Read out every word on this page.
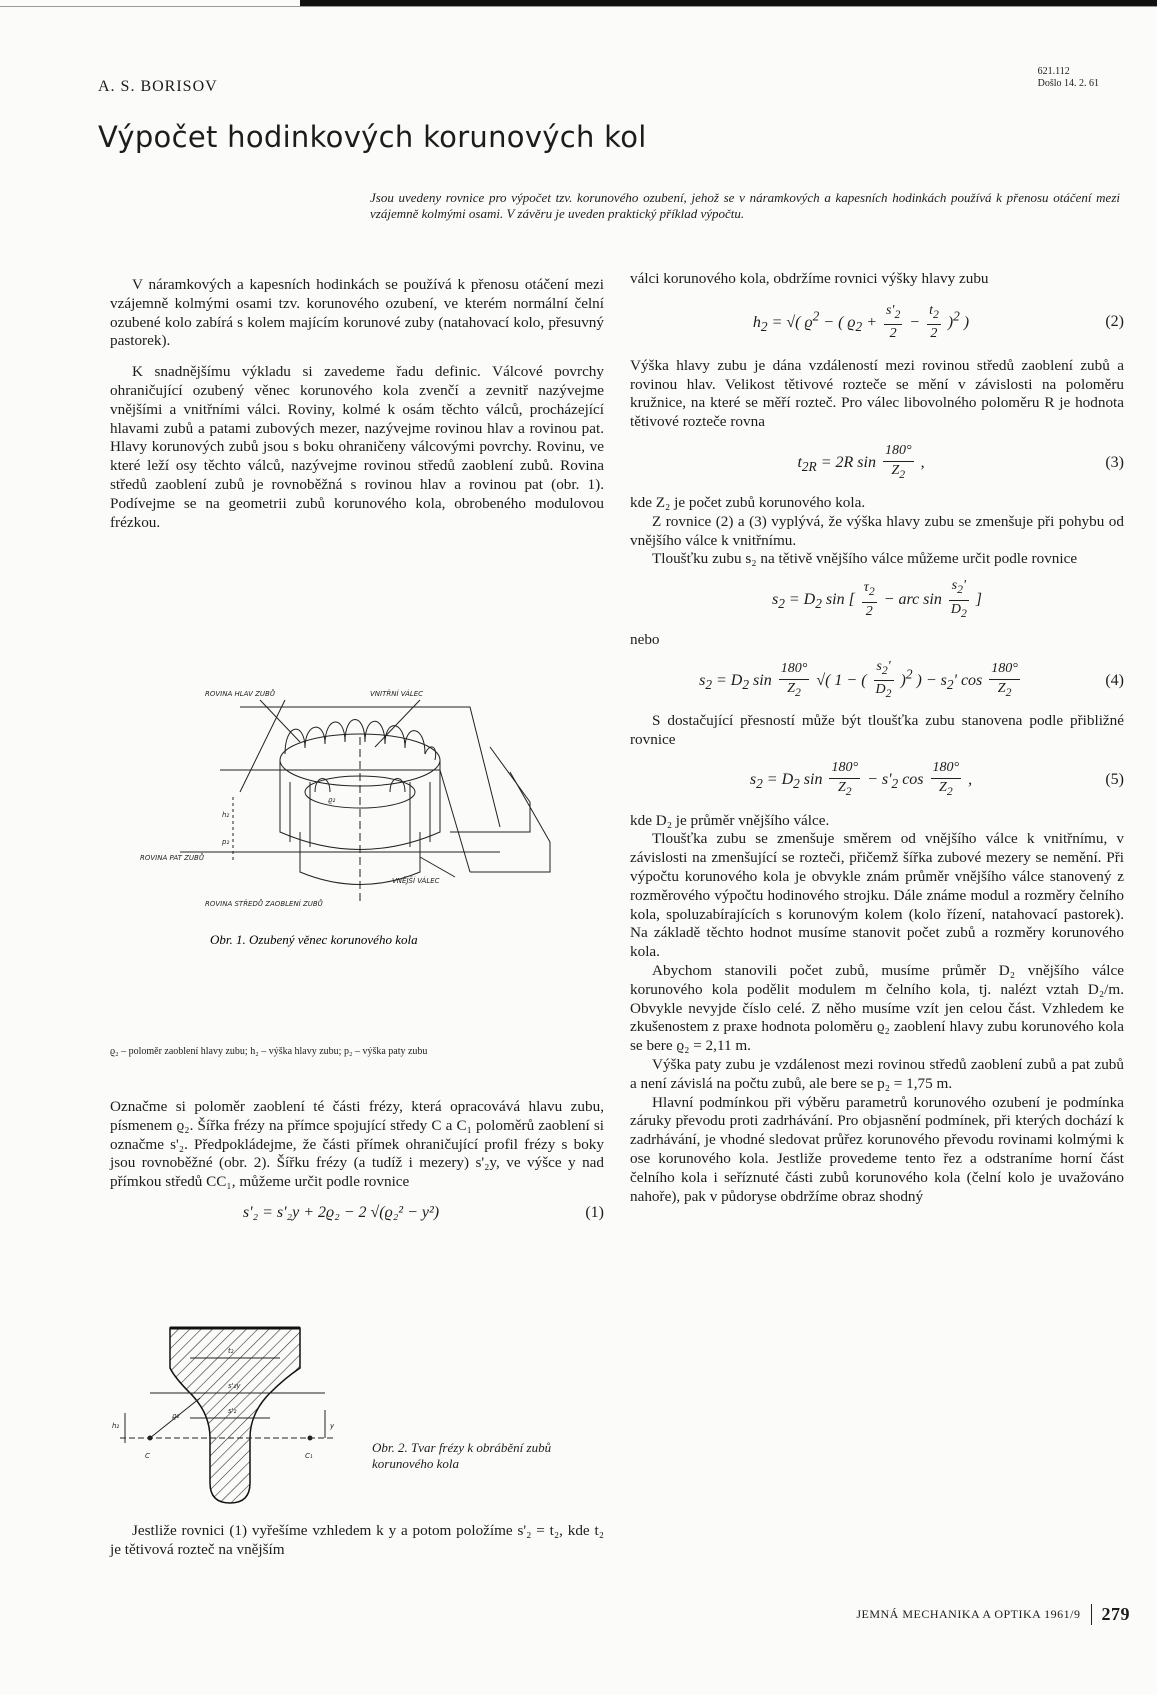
A. S. BORISOV
621.112
Došlo 14. 2. 61
Výpočet hodinkových korunových kol
Jsou uvedeny rovnice pro výpočet tzv. korunového ozubení, jehož se v náramkových a kapesních hodinkách používá k přenosu otáčení mezi vzájemně kolmými osami. V závěru je uveden praktický příklad výpočtu.

V náramkových a kapesních hodinkách se používá k přenosu otáčení mezi vzájemně kolmými osami tzv. korunového ozubení, ve kterém normální čelní ozubené kolo zabírá s kolem majícím korunové zuby (natahovací kolo, přesuvný pastorek).

K snadnějšímu výkladu si zavedeme řadu definic. Válcové povrchy ohraničující ozubený věnec korunového kola zvenčí a zevnitř nazývejme vnějšími a vnitřními válci. Roviny, kolmé k osám těchto válců, procházející hlavami zubů a patami zubových mezer, nazývejme rovinou hlav a rovinou pat. Hlavy korunových zubů jsou s boku ohraničeny válcovými povrchy. Rovinu, ve které leží osy těchto válců, nazývejme rovinou středů zaoblení zubů. Rovina středů zaoblení zubů je rovnoběžná s rovinou hlav a rovinou pat (obr. 1). Podívejme se na geometrii zubů korunového kola, obrobeného modulovou frézkou.

ROVINA HLAV ZUBŮ	VNITŘNÍ VÁLEC
ROVINA PAT ZUBŮ
VNĚJŠÍ VÁLEC
ROVINA STŘEDŮ ZAOBLENÍ ZUBŮ
ϱ₂
h₂
p₂
Obr. 1. Ozubený věnec korunového kola
ϱ₂ – poloměr zaoblení hlavy zubu; h₂ – výška hlavy zubu; p₂ – výška paty zubu

Označme si poloměr zaoblení té části frézy, která opracovává hlavu zubu, písmenem ϱ₂. Šířka frézy na přímce spojující středy C a C₁ poloměrů zaoblení si označme s'₂. Předpokládejme, že části přímek ohraničující profil frézy s boky jsou rovnoběžné (obr. 2). Šířku frézy (a tudíž i mezery) s'₂y, ve výšce y nad přímkou středů CC₁, můžeme určit podle rovnice

s'₂ = s'₂y + 2ϱ₂ − 2 √(ϱ₂² − y²)	(1)
t₂
s'₂y
s'₂
ϱ₂
h₂	y
C	C₁
Obr. 2. Tvar frézy k obrábění zubů korunového kola

Jestliže rovnici (1) vyřešíme vzhledem k y a potom položíme s'₂ = t₂, kde t₂ je tětivová rozteč na vnějším

válci korunového kola, obdržíme rovnici výšky hlavy zubu

$h_2$ = √( $ϱ^2$ − ( $ϱ_2 + \frac{s'_2}{2} - \frac{t_2}{2} )^2$ )	(2)

Výška hlavy zubu je dána vzdáleností mezi rovinou středů zaoblení zubů a rovinou hlav. Velikost tětivové rozteče se mění v závislosti na poloměru kružnice, na které se měří rozteč. Pro válec libovolného poloměru R je hodnota tětivové rozteče rovna

$t_{2R} = 2R$ $\sin \frac{180^\circ}{Z_2}$ ,	(3)

kde Z₂ je počet zubů korunového kola.

Z rovnice (2) a (3) vyplývá, že výška hlavy zubu se zmenšuje při pohybu od vnějšího válce k vnitřnímu.

Tloušťku zubu s₂ na tětivě vnějšího válce můžeme určit podle rovnice

$s_2 = D_2$ sin [ $\frac{\tau_2}{2}$ − arc $\sin \frac{s_2'}{D_2}$ ]

nebo

$s_2 = D_2$ $\sin \frac{180^\circ}{Z_2}$ √( 1 − ( $\frac{s_2'}{D_2} )^2$ ) − $s_2'$ $\cos \frac{180^\circ}{Z_2}$	(4)

S dostačující přesností může být tloušťka zubu stanovena podle přibližné rovnice

$s_2 = D_2$ $\sin \frac{180^\circ}{Z_2} - s'_2$ $\cos \frac{180^\circ}{Z_2}$ ,	(5)

kde D₂ je průměr vnějšího válce.

Tloušťka zubu se zmenšuje směrem od vnějšího válce k vnitřnímu, v závislosti na zmenšující se rozteči, přičemž šířka zubové mezery se nemění. Při výpočtu korunového kola je obvykle znám průměr vnějšího válce stanovený z rozměrového výpočtu hodinového strojku. Dále známe modul a rozměry čelního kola, spoluzabírajících s korunovým kolem (kolo řízení, natahovací pastorek). Na základě těchto hodnot musíme stanovit počet zubů a rozměry korunového kola.

Abychom stanovili počet zubů, musíme průměr D₂ vnějšího válce korunového kola podělit modulem m čelního kola, tj. nalézt vztah D₂/m. Obvykle nevyjde číslo celé. Z něho musíme vzít jen celou část. Vzhledem ke zkušenostem z praxe hodnota poloměru ϱ₂ zaoblení hlavy zubu korunového kola se bere ϱ₂ = 2,11 m.

Výška paty zubu je vzdálenost mezi rovinou středů zaoblení zubů a pat zubů a není závislá na počtu zubů, ale bere se p₂ = 1,75 m.

Hlavní podmínkou při výběru parametrů korunového ozubení je podmínka záruky převodu proti zadrhávání. Pro objasnění podmínek, při kterých dochází k zadrhávání, je vhodné sledovat průřez korunového převodu rovinami kolmými k ose korunového kola. Jestliže provedeme tento řez a odstraníme horní část čelního kola i seříznuté části zubů korunového kola (čelní kolo je uvažováno nahoře), pak v půdoryse obdržíme obraz shodný

JEMNÁ MECHANIKA A OPTIKA 1961/9	279
